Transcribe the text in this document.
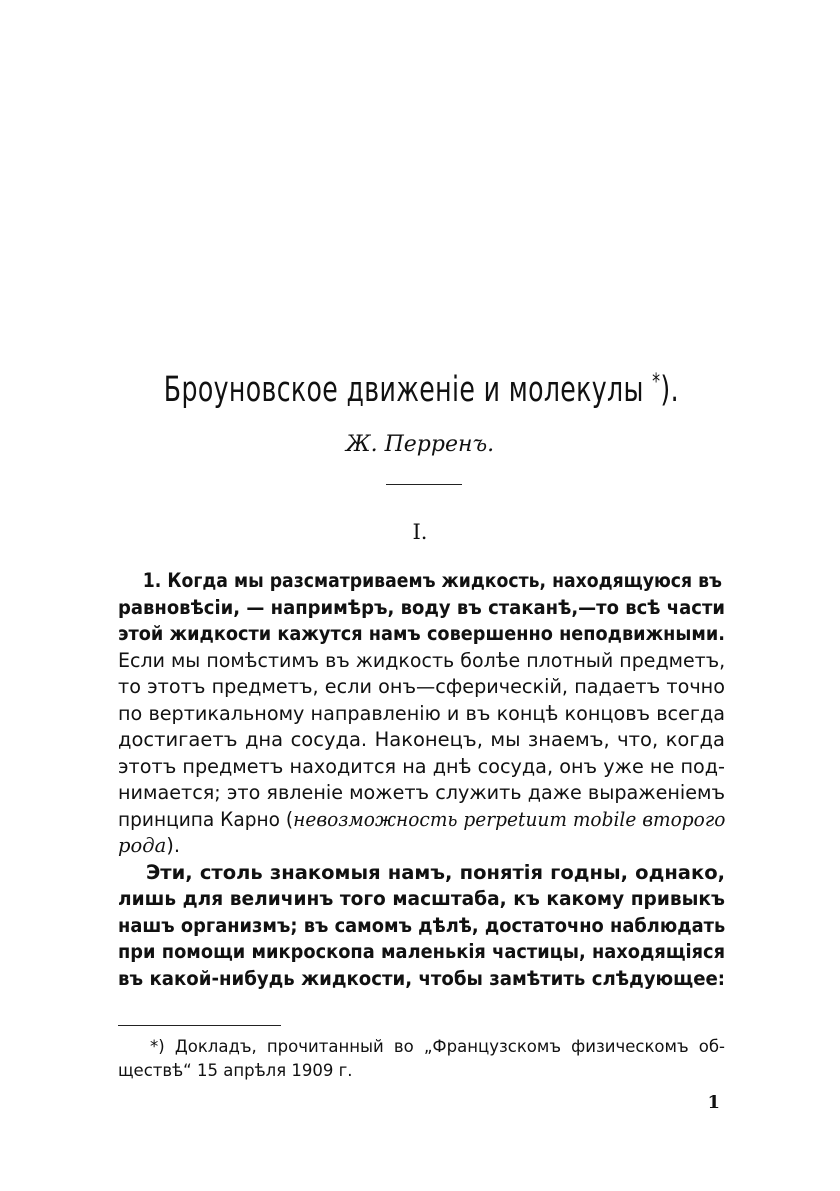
Броуновское движеніе и молекулы *).
Ж. Перренъ.
I.
1. Когда мы разсматриваемъ жидкость, находящуюся въ
равновѣсіи, — напримѣръ, воду въ стаканѣ,—то всѣ части
этой жидкости кажутся намъ совершенно неподвижными.
Если мы помѣстимъ въ жидкость болѣе плотный предметъ,
то этотъ предметъ, если онъ—сферическій, падаетъ точно
по вертикальному направленію и въ концѣ концовъ всегда
достигаетъ дна сосуда. Наконецъ, мы знаемъ, что, когда
этотъ предметъ находится на днѣ сосуда, онъ уже не под-
нимается; это явленіе можетъ служить даже выраженіемъ
принципа Карно (невозможность perpetuum mobile второго
рода).
Эти, столь знакомыя намъ, понятія годны, однако,
лишь для величинъ того масштаба, къ какому привыкъ
нашъ организмъ; въ самомъ дѣлѣ, достаточно наблюдать
при помощи микроскопа маленькія частицы, находящіяся
въ какой-нибудь жидкости, чтобы замѣтить слѣдующее:
*) Докладъ, прочитанный во „Французскомъ физическомъ об-
ществѣ“ 15 апрѣля 1909 г.
1
